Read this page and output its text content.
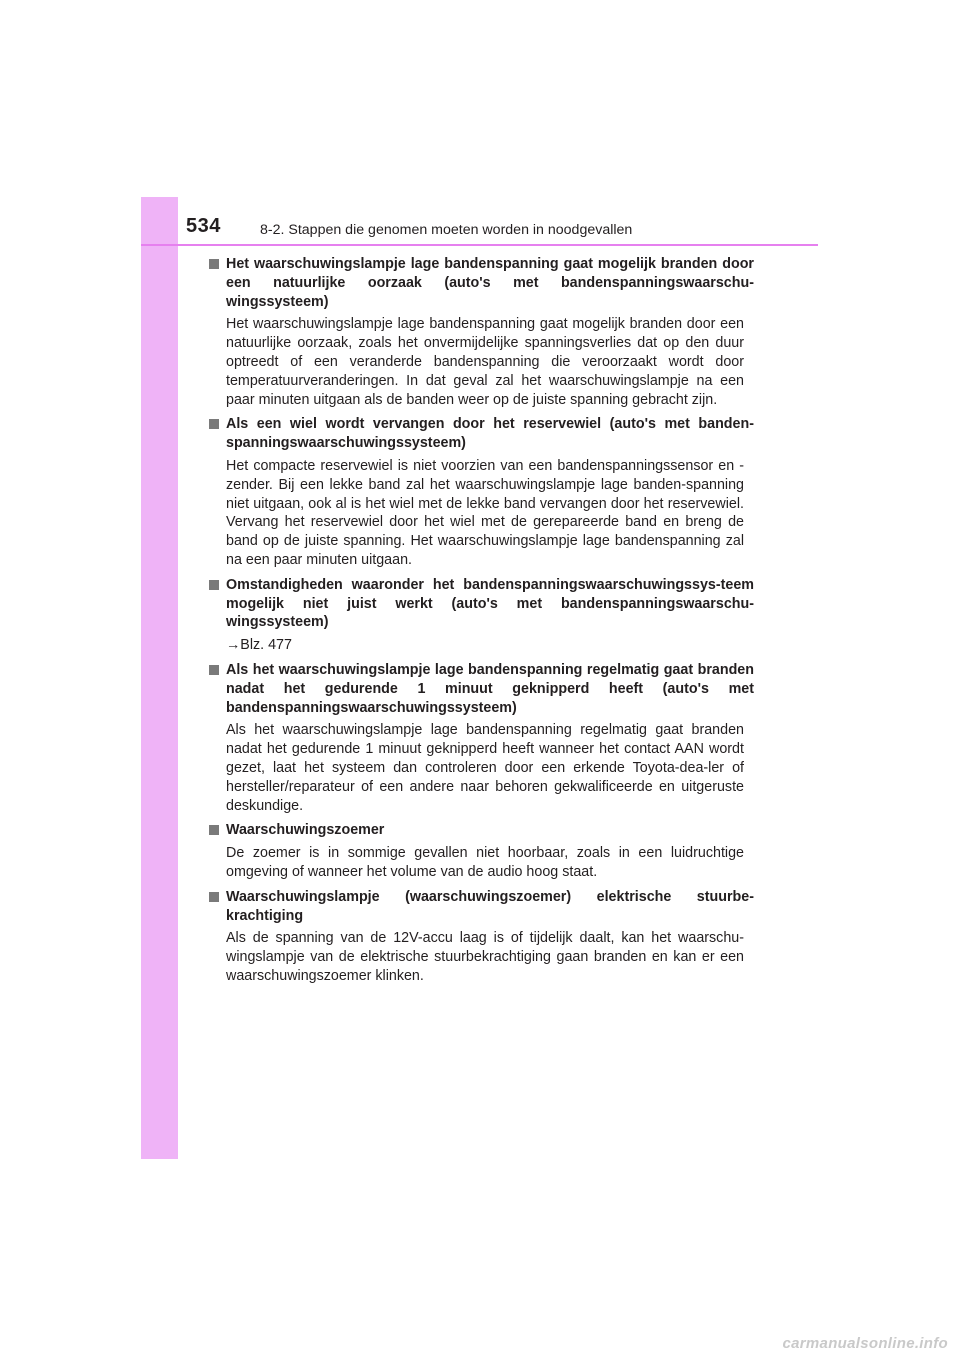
534	8-2. Stappen die genomen moeten worden in noodgevallen
Het waarschuwingslampje lage bandenspanning gaat mogelijk branden door een natuurlijke oorzaak (auto's met bandenspanningswaarschu-wingssysteem)
Het waarschuwingslampje lage bandenspanning gaat mogelijk branden door een natuurlijke oorzaak, zoals het onvermijdelijke spanningsverlies dat op den duur optreedt of een veranderde bandenspanning die veroorzaakt wordt door temperatuurveranderingen. In dat geval zal het waarschuwingslampje na een paar minuten uitgaan als de banden weer op de juiste spanning gebracht zijn.
Als een wiel wordt vervangen door het reservewiel (auto's met banden-spanningswaarschuwingssysteem)
Het compacte reservewiel is niet voorzien van een bandenspanningssensor en -zender. Bij een lekke band zal het waarschuwingslampje lage banden-spanning niet uitgaan, ook al is het wiel met de lekke band vervangen door het reservewiel. Vervang het reservewiel door het wiel met de gerepareerde band en breng de band op de juiste spanning. Het waarschuwingslampje lage bandenspanning zal na een paar minuten uitgaan.
Omstandigheden waaronder het bandenspanningswaarschuwingssys-teem mogelijk niet juist werkt (auto's met bandenspanningswaarschu-wingssysteem)
→Blz. 477
Als het waarschuwingslampje lage bandenspanning regelmatig gaat branden nadat het gedurende 1 minuut geknipperd heeft (auto's met bandenspanningswaarschuwingssysteem)
Als het waarschuwingslampje lage bandenspanning regelmatig gaat branden nadat het gedurende 1 minuut geknipperd heeft wanneer het contact AAN wordt gezet, laat het systeem dan controleren door een erkende Toyota-dea-ler of hersteller/reparateur of een andere naar behoren gekwalificeerde en uitgeruste deskundige.
Waarschuwingszoemer
De zoemer is in sommige gevallen niet hoorbaar, zoals in een luidruchtige omgeving of wanneer het volume van de audio hoog staat.
Waarschuwingslampje (waarschuwingszoemer) elektrische stuurbe-krachtiging
Als de spanning van de 12V-accu laag is of tijdelijk daalt, kan het waarschu-wingslampje van de elektrische stuurbekrachtiging gaan branden en kan er een waarschuwingszoemer klinken.
carmanualsonline.info
